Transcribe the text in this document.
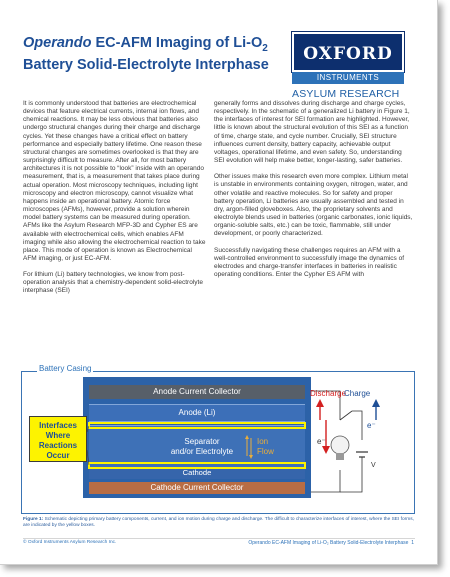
Operando EC-AFM Imaging of $Li-O_2$
Battery Solid-Electrolyte Interphase
OXFORD
INSTRUMENTS
ASYLUM RESEARCH

It is commonly understood that batteries are electrochemical devices that feature electrical currents, internal ion flows, and chemical reactions. It may be less obvious that batteries also undergo structural changes during their charge and discharge cycles. Yet these changes have a critical effect on battery performance and especially battery lifetime. One reason these structural changes are sometimes overlooked is that they are surprisingly difficult to measure. After all, for most battery architectures it is not possible to “look” inside with an operando measurement, that is, a measurement that takes place during actual operation. Most microscopy techniques, including light microscopy and electron microscopy, cannot visualize what happens inside an operational battery. Atomic force microscopes (AFMs), however, provide a solution wherein model battery systems can be measured during operation. AFMs like the Asylum Research MFP-3D and Cypher ES are available with electrochemical cells, which enables AFM imaging while also allowing the electrochemical reaction to take place. This mode of operation is known as Electrochemical AFM imaging, or just EC-AFM.

For lithium (Li) battery technologies, we know from post-operation analysis that a chemistry-dependent solid-electrolyte interphase (SEI)

generally forms and dissolves during discharge and charge cycles, respectively. In the schematic of a generalized Li battery in Figure 1, the interfaces of interest for SEI formation are highlighted. However, little is known about the structural evolution of this SEI as a function of time, charge state, and cycle number. Crucially, SEI structure influences current density, battery capacity, achievable output voltages, operational lifetime, and even safety. So, understanding SEI evolution will help make better, longer-lasting, safer batteries.

Other issues make this research even more complex. Lithium metal is unstable in environments containing oxygen, nitrogen, water, and other volatile and reactive molecules. So for safety and proper battery operation, Li batteries are usually assembled and tested in dry, argon-filled gloveboxes. Also, the proprietary solvents and electrolyte blends used in batteries (organic carbonates, ionic liquids, organic-soluble salts, etc.) can be toxic, flammable, still under development, or poorly characterized.

Successfully navigating these challenges requires an AFM with a well-controlled environment to successfully image the dynamics of electrodes and charge-transfer interfaces in batteries in realistic operating conditions. Enter the Cypher ES AFM with

Battery Casing
Anode Current Collector
Anode (Li)
Separator
and/or Electrolyte
Ion
Flow
Cathode
Cathode Current Collector
Interfaces
Where
Reactions
Occur
Discharge
Charge
e⁻
e⁻
V
Figure 1: Schematic depicting primary battery components, current, and ion motion during charge and discharge. The difficult to characterize interfaces of interest, where the SEI forms, are indicated by the yellow boxes.
© Oxford Instruments Asylum Research Inc.	Operando EC-AFM Imaging of Li-O₂ Battery Solid-Electrolyte Interphase 1
